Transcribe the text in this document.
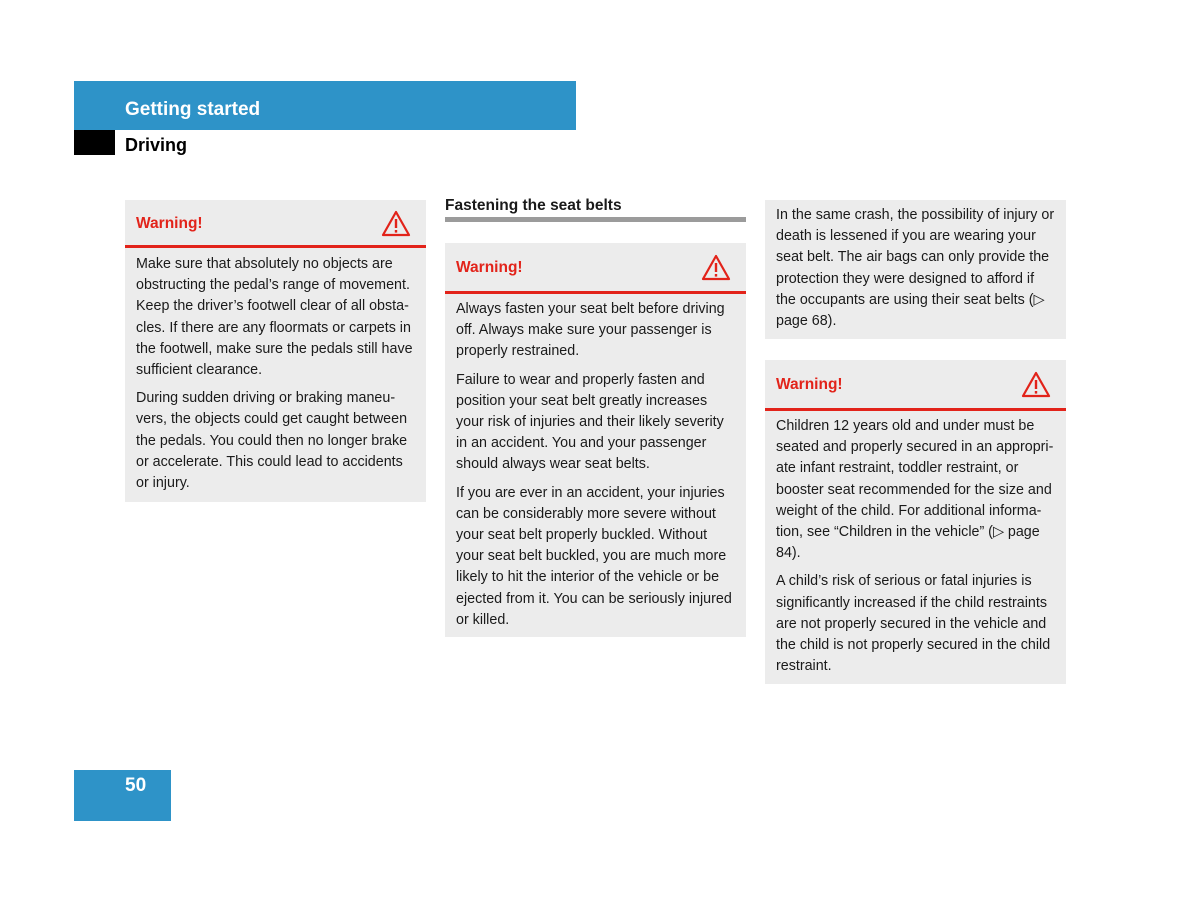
Getting started
Driving
Warning!

Make sure that absolutely no objects are obstructing the pedal’s range of movement. Keep the driver’s footwell clear of all obsta-cles. If there are any floormats or carpets in the footwell, make sure the pedals still have sufficient clearance.

During sudden driving or braking maneu-vers, the objects could get caught between the pedals. You could then no longer brake or accelerate. This could lead to accidents or injury.

Fastening the seat belts
Warning!

Always fasten your seat belt before driving off. Always make sure your passenger is properly restrained.

Failure to wear and properly fasten and position your seat belt greatly increases your risk of injuries and their likely severity in an accident. You and your passenger should always wear seat belts.

If you are ever in an accident, your injuries can be considerably more severe without your seat belt properly buckled. Without your seat belt buckled, you are much more likely to hit the interior of the vehicle or be ejected from it. You can be seriously injured or killed.

In the same crash, the possibility of injury or death is lessened if you are wearing your seat belt. The air bags can only provide the protection they were designed to afford if the occupants are using their seat belts (▷ page 68).

Warning!

Children 12 years old and under must be seated and properly secured in an appropri-ate infant restraint, toddler restraint, or booster seat recommended for the size and weight of the child. For additional informa-tion, see “Children in the vehicle” (▷ page 84).

A child’s risk of serious or fatal injuries is significantly increased if the child restraints are not properly secured in the vehicle and the child is not properly secured in the child restraint.

50
